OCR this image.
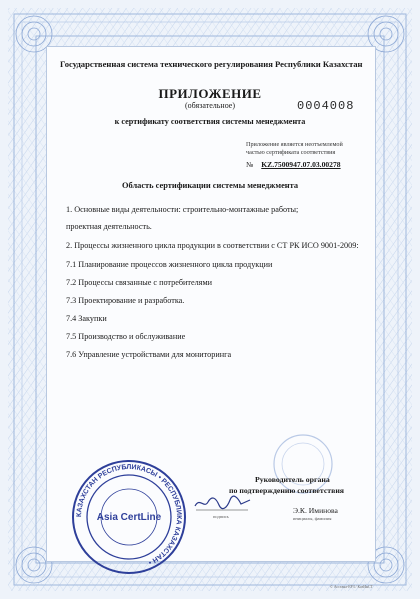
Государственная система технического регулирования Республики Казахстан
ПРИЛОЖЕНИЕ
(обязательное)	0004008
к сертификату соответствия системы менеджмента
Приложение является неотъемлемой
частью сертификата соответствия
№ KZ.7500947.07.03.00278
Область сертификации системы менеджмента
1. Основные виды деятельности: строительно-монтажные работы;
проектная деятельность.
2. Процессы жизненного цикла продукции в соответствии с СТ РК ИСО 9001-2009:
7.1 Планирование процессов жизненного цикла продукции
7.2 Процессы связанные с потребителями
7.3 Проектирование и разработка.
7.4 Закупки
7.5 Производство и обслуживание
7.6 Управление устройствами для мониторинга
Руководитель органа
по подтверждению соответствия
подпись
Э.К. Иминова
инициалы, фамилия
КАЗАХСТАН РЕСПУБЛИКАСЫ • РЕСПУБЛИКА КАЗАХСТАН •
Asia CertLine
© Асстана-ЕРЗ / КазИнСТ
